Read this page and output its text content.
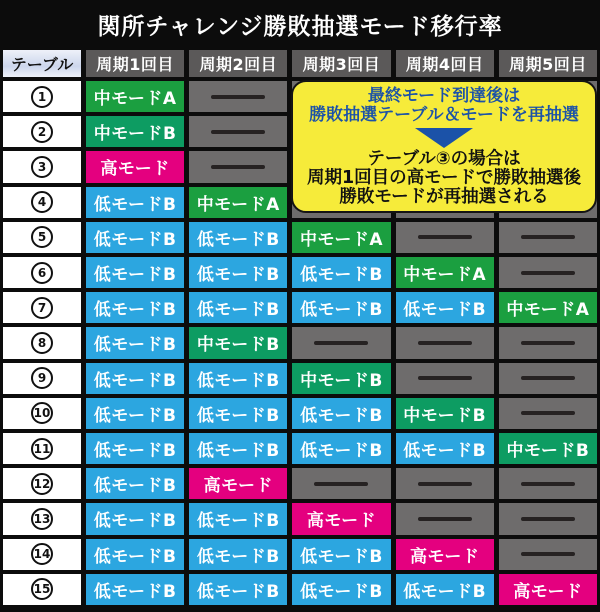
関所チャレンジ勝敗抽選モード移行率
テーブル	周期1回目	周期2回目	周期3回目	周期4回目	周期5回目
1	中モードA
2	中モードB
3	高モード
4	低モードB	中モードA
5	低モードB	低モードB	中モードA
6	低モードB	低モードB	低モードB	中モードA
7	低モードB	低モードB	低モードB	低モードB	中モードA
8	低モードB	中モードB
9	低モードB	低モードB	中モードB
10	低モードB	低モードB	低モードB	中モードB
11	低モードB	低モードB	低モードB	低モードB	中モードB
12	低モードB	高モード
13	低モードB	低モードB	高モード
14	低モードB	低モードB	低モードB	高モード
15	低モードB	低モードB	低モードB	低モードB	高モード
最終モード到達後は
勝敗抽選テーブル＆モードを再抽選
テーブル③の場合は
周期1回目の高モードで勝敗抽選後
勝敗モードが再抽選される
